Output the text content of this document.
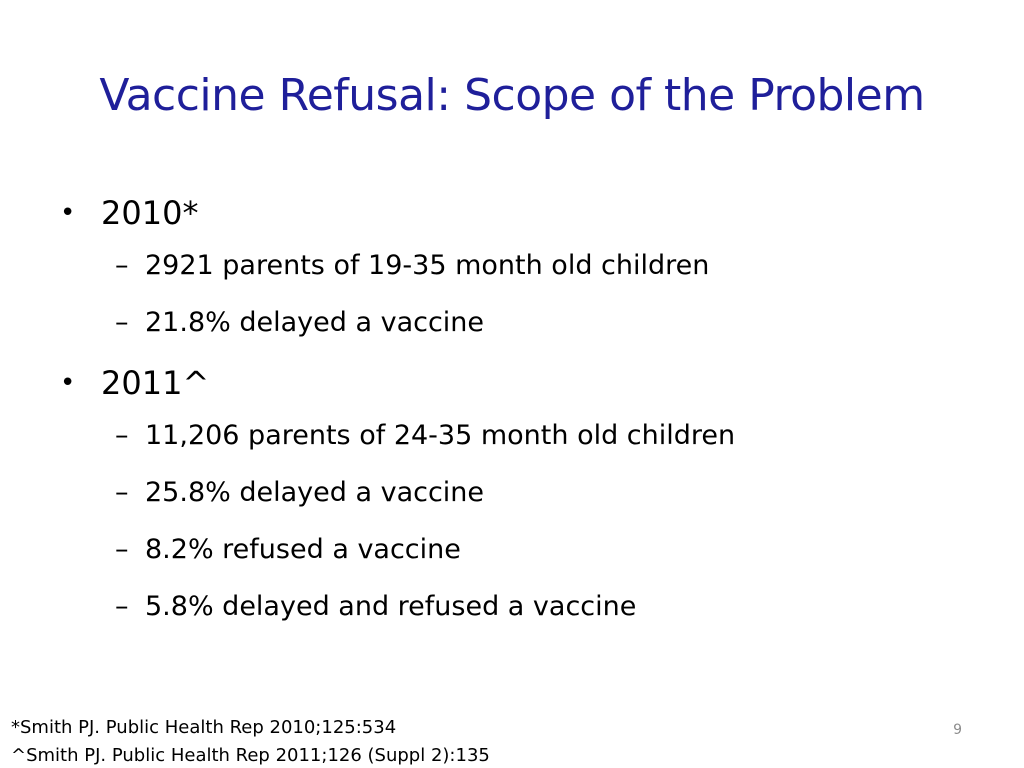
Vaccine Refusal: Scope of the Problem
• 2010*
– 2921 parents of 19-35 month old children
– 21.8% delayed a vaccine
• 2011^
– 11,206 parents of 24-35 month old children
– 25.8% delayed a vaccine
– 8.2% refused a vaccine
– 5.8% delayed and refused a vaccine
*Smith PJ. Public Health Rep 2010;125:534
^Smith PJ. Public Health Rep 2011;126 (Suppl 2):135
9
